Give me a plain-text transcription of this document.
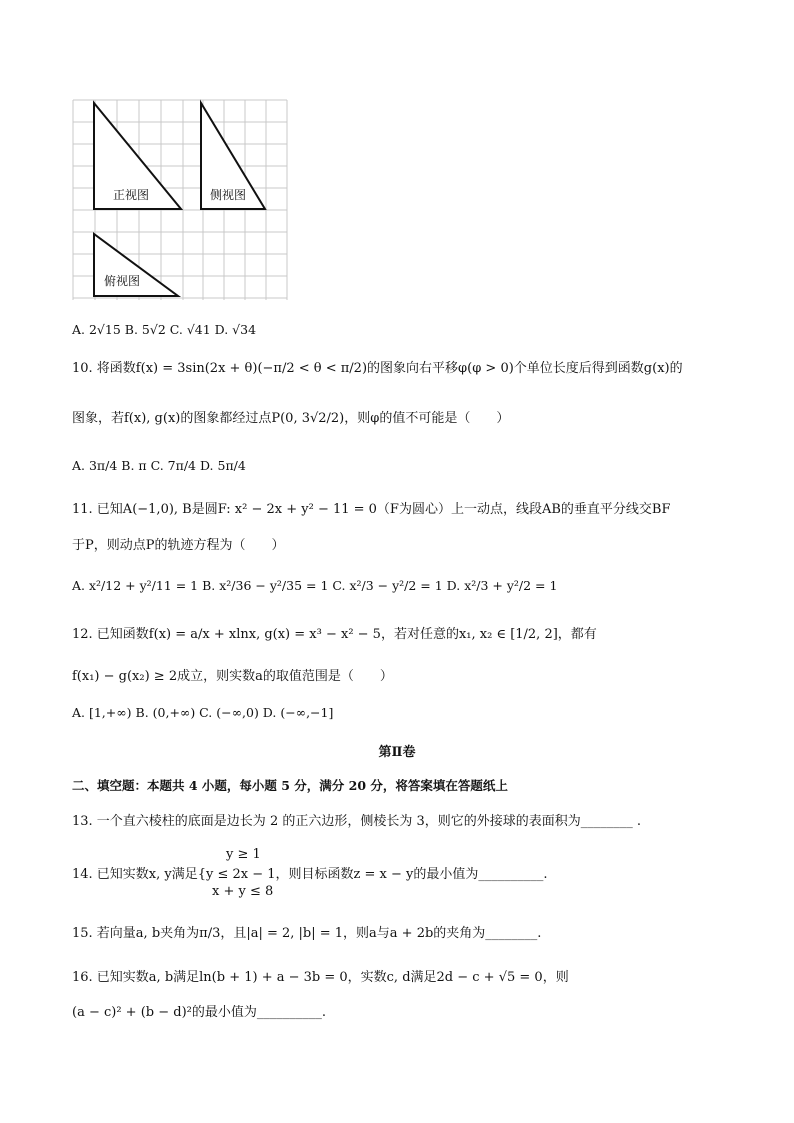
正视图	侧视图
俯视图
A. 2√15 B. 5√2 C. √41 D. √34
10. 将函数f(x) = 3sin(2x + θ)(−π/2 < θ < π/2)的图象向右平移φ(φ > 0)个单位长度后得到函数g(x)的
图象，若f(x), g(x)的图象都经过点P(0, 3√2/2)，则φ的值不可能是（　　）
A. 3π/4 B. π C. 7π/4 D. 5π/4
11. 已知A(−1,0), B是圆F: x² − 2x + y² − 11 = 0（F为圆心）上一动点，线段AB的垂直平分线交BF
于P，则动点P的轨迹方程为（　　）
A. x²/12 + y²/11 = 1 B. x²/36 − y²/35 = 1 C. x²/3 − y²/2 = 1 D. x²/3 + y²/2 = 1
12. 已知函数f(x) = a/x + xlnx, g(x) = x³ − x² − 5，若对任意的x₁, x₂ ∈ [1/2, 2]，都有
f(x₁) − g(x₂) ≥ 2成立，则实数a的取值范围是（　　）
A. [1,+∞) B. (0,+∞) C. (−∞,0) D. (−∞,−1]
第Ⅱ卷
二、填空题：本题共 4 小题，每小题 5 分，满分 20 分，将答案填在答题纸上
13. 一个直六棱柱的底面是边长为 2 的正六边形，侧棱长为 3，则它的外接球的表面积为________ .
y ≥ 1
14. 已知实数x, y满足{y ≤ 2x − 1，则目标函数z = x − y的最小值为__________.
x + y ≤ 8
15. 若向量a, b夹角为π/3，且|a| = 2, |b| = 1，则a与a + 2b的夹角为________.
16. 已知实数a, b满足ln(b + 1) + a − 3b = 0，实数c, d满足2d − c + √5 = 0，则
(a − c)² + (b − d)²的最小值为__________.
